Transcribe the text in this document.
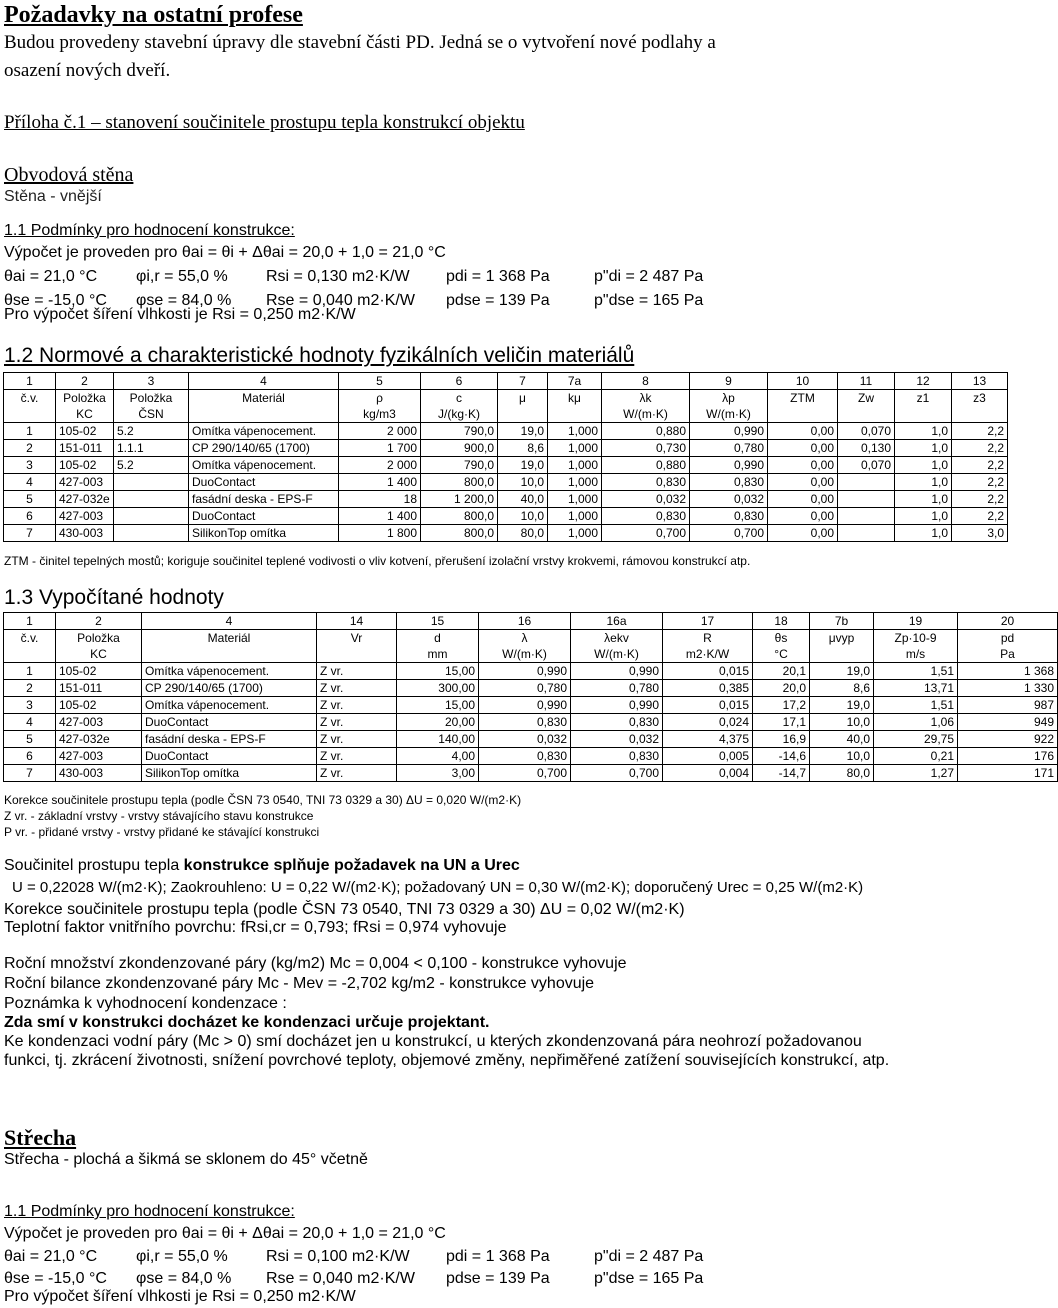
Požadavky na ostatní profese
Budou provedeny stavební úpravy dle stavební části PD. Jedná se o vytvoření nové podlahy a
osazení nových dveří.
Příloha č.1 – stanovení součinitele prostupu tepla konstrukcí objektu
Obvodová stěna
Stěna - vnější
1.1 Podmínky pro hodnocení konstrukce:
Výpočet je proveden pro θai = θi + Δθai = 20,0 + 1,0 = 21,0 °C
θai = 21,0 °C φi,r = 55,0 % Rsi = 0,130 m2·K/W pdi = 1 368 Pa	p"di = 2 487 Pa
θse = -15,0 °C φse = 84,0 % Rse = 0,040 m2·K/W pdse = 139 Pa	p"dse = 165 Pa
Pro výpočet šíření vlhkosti je Rsi = 0,250 m2·K/W
1.2 Normové a charakteristické hodnoty fyzikálních veličin materiálů
1	2	3	4	5	6	7	7a	8	9	10	11	12	13
č.v.	Položka	Položka	Materiál	ρ	c	μ	kμ	λk	λp	ZTM	Zw	z1	z3
	KC	ČSN		kg/m3	J/(kg·K)			W/(m·K)	W/(m·K)				
1	105-02	5.2	Omítka vápenocement.	2 000	790,0	19,0	1,000	0,880	0,990	0,00	0,070	1,0	2,2
2	151-011	1.1.1	CP 290/140/65 (1700)	1 700	900,0	8,6	1,000	0,730	0,780	0,00	0,130	1,0	2,2
3	105-02	5.2	Omítka vápenocement.	2 000	790,0	19,0	1,000	0,880	0,990	0,00	0,070	1,0	2,2
4	427-003		DuoContact	1 400	800,0	10,0	1,000	0,830	0,830	0,00		1,0	2,2
5	427-032e		fasádní deska - EPS-F	18	1 200,0	40,0	1,000	0,032	0,032	0,00		1,0	2,2
6	427-003		DuoContact	1 400	800,0	10,0	1,000	0,830	0,830	0,00		1,0	2,2
7	430-003		SilikonTop omítka	1 800	800,0	80,0	1,000	0,700	0,700	0,00		1,0	3,0
ZTM - činitel tepelných mostů; koriguje součinitel teplené vodivosti o vliv kotvení, přerušení izolační vrstvy krokvemi, rámovou konstrukcí atp.
1.3 Vypočítané hodnoty
1	2	4	14	15	16	16a	17	18	7b	19	20
č.v.	Položka	Materiál	Vr	d	λ	λekv	R	θs	μvyp	Zp·10-9	pd
	KC			mm	W/(m·K)	W/(m·K)	m2·K/W	°C		m/s	Pa
1	105-02	Omítka vápenocement.	Z vr.	15,00	0,990	0,990	0,015	20,1	19,0	1,51	1 368
2	151-011	CP 290/140/65 (1700)	Z vr.	300,00	0,780	0,780	0,385	20,0	8,6	13,71	1 330
3	105-02	Omítka vápenocement.	Z vr.	15,00	0,990	0,990	0,015	17,2	19,0	1,51	987
4	427-003	DuoContact	Z vr.	20,00	0,830	0,830	0,024	17,1	10,0	1,06	949
5	427-032e	fasádní deska - EPS-F	Z vr.	140,00	0,032	0,032	4,375	16,9	40,0	29,75	922
6	427-003	DuoContact	Z vr.	4,00	0,830	0,830	0,005	-14,6	10,0	0,21	176
7	430-003	SilikonTop omítka	Z vr.	3,00	0,700	0,700	0,004	-14,7	80,0	1,27	171
Korekce součinitele prostupu tepla (podle ČSN 73 0540, TNI 73 0329 a 30) ΔU = 0,020 W/(m2·K)
Z vr. - základní vrstvy - vrstvy stávajícího stavu konstrukce
P vr. - přidané vrstvy - vrstvy přidané ke stávající konstrukci
Součinitel prostupu tepla konstrukce splňuje požadavek na UN a Urec
U = 0,22028 W/(m2·K); Zaokrouhleno: U = 0,22 W/(m2·K); požadovaný UN = 0,30 W/(m2·K); doporučený Urec = 0,25 W/(m2·K)
Korekce součinitele prostupu tepla (podle ČSN 73 0540, TNI 73 0329 a 30) ΔU = 0,02 W/(m2·K)
Teplotní faktor vnitřního povrchu: fRsi,cr = 0,793; fRsi = 0,974 vyhovuje
Roční množství zkondenzované páry (kg/m2) Mc = 0,004 < 0,100 - konstrukce vyhovuje
Roční bilance zkondenzované páry Mc - Mev = -2,702 kg/m2 - konstrukce vyhovuje
Poznámka k vyhodnocení kondenzace :
Zda smí v konstrukci docházet ke kondenzaci určuje projektant.
Ke kondenzaci vodní páry (Mc > 0) smí docházet jen u konstrukcí, u kterých zkondenzovaná pára neohrozí požadovanou
funkci, tj. zkrácení životnosti, snížení povrchové teploty, objemové změny, nepřiměřené zatížení souvisejících konstrukcí, atp.
Střecha
Střecha - plochá a šikmá se sklonem do 45° včetně
1.1 Podmínky pro hodnocení konstrukce:
Výpočet je proveden pro θai = θi + Δθai = 20,0 + 1,0 = 21,0 °C
θai = 21,0 °C φi,r = 55,0 % Rsi = 0,100 m2·K/W pdi = 1 368 Pa	p"di = 2 487 Pa
θse = -15,0 °C φse = 84,0 % Rse = 0,040 m2·K/W pdse = 139 Pa	p"dse = 165 Pa
Pro výpočet šíření vlhkosti je Rsi = 0,250 m2·K/W
